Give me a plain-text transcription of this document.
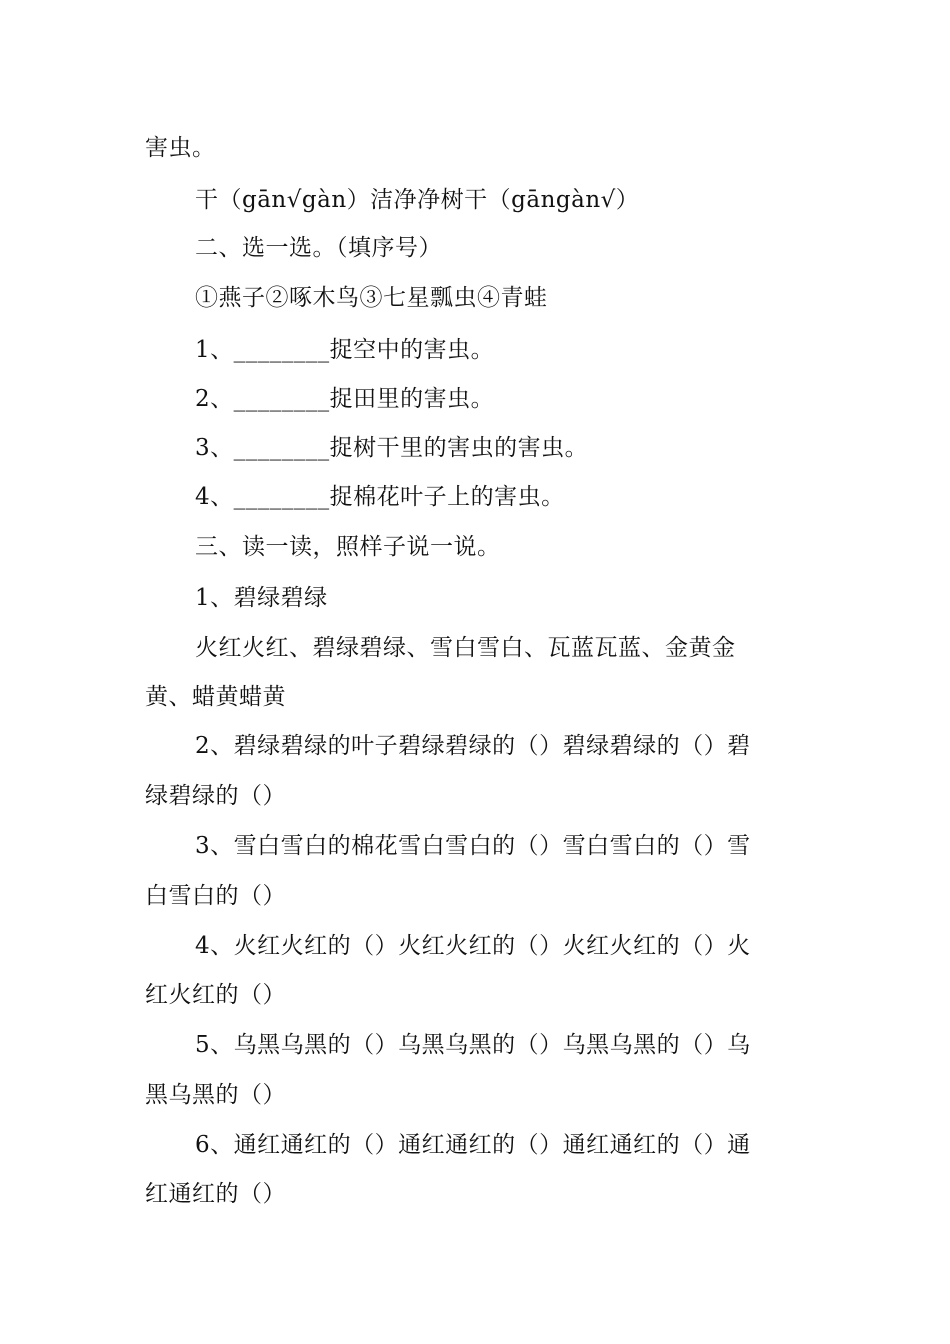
害虫。
干（gān√gàn）洁净净树干（gāngàn√）
二、选一选。（填序号）
①燕子②啄木鸟③七星瓢虫④青蛙
1、________捉空中的害虫。
2、________捉田里的害虫。
3、________捉树干里的害虫的害虫。
4、________捉棉花叶子上的害虫。
三、读一读，照样子说一说。
1、碧绿碧绿
火红火红、碧绿碧绿、雪白雪白、瓦蓝瓦蓝、金黄金
黄、蜡黄蜡黄
2、碧绿碧绿的叶子碧绿碧绿的（）碧绿碧绿的（）碧
绿碧绿的（）
3、雪白雪白的棉花雪白雪白的（）雪白雪白的（）雪
白雪白的（）
4、火红火红的（）火红火红的（）火红火红的（）火
红火红的（）
5、乌黑乌黑的（）乌黑乌黑的（）乌黑乌黑的（）乌
黑乌黑的（）
6、通红通红的（）通红通红的（）通红通红的（）通
红通红的（）
